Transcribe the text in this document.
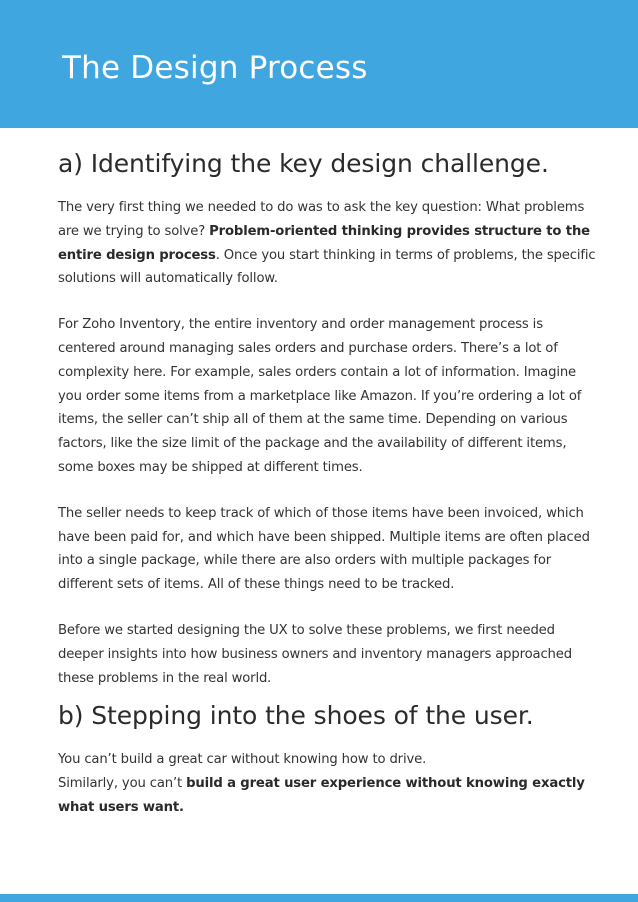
The Design Process
a) Identifying the key design challenge.

The very first thing we needed to do was to ask the key question: What problems are we trying to solve? Problem-oriented thinking provides structure to the entire design process. Once you start thinking in terms of problems, the specific solutions will automatically follow.

For Zoho Inventory, the entire inventory and order management process is centered around managing sales orders and purchase orders. There’s a lot of complexity here. For example, sales orders contain a lot of information. Imagine you order some items from a marketplace like Amazon. If you’re ordering a lot of items, the seller can’t ship all of them at the same time. Depending on various factors, like the size limit of the package and the availability of different items, some boxes may be shipped at different times.

The seller needs to keep track of which of those items have been invoiced, which have been paid for, and which have been shipped. Multiple items are often placed into a single package, while there are also orders with multiple packages for different sets of items. All of these things need to be tracked.

Before we started designing the UX to solve these problems, we first needed deeper insights into how business owners and inventory managers approached these problems in the real world.

b) Stepping into the shoes of the user.

You can’t build a great car without knowing how to drive.
Similarly, you can’t build a great user experience without knowing exactly what users want.
